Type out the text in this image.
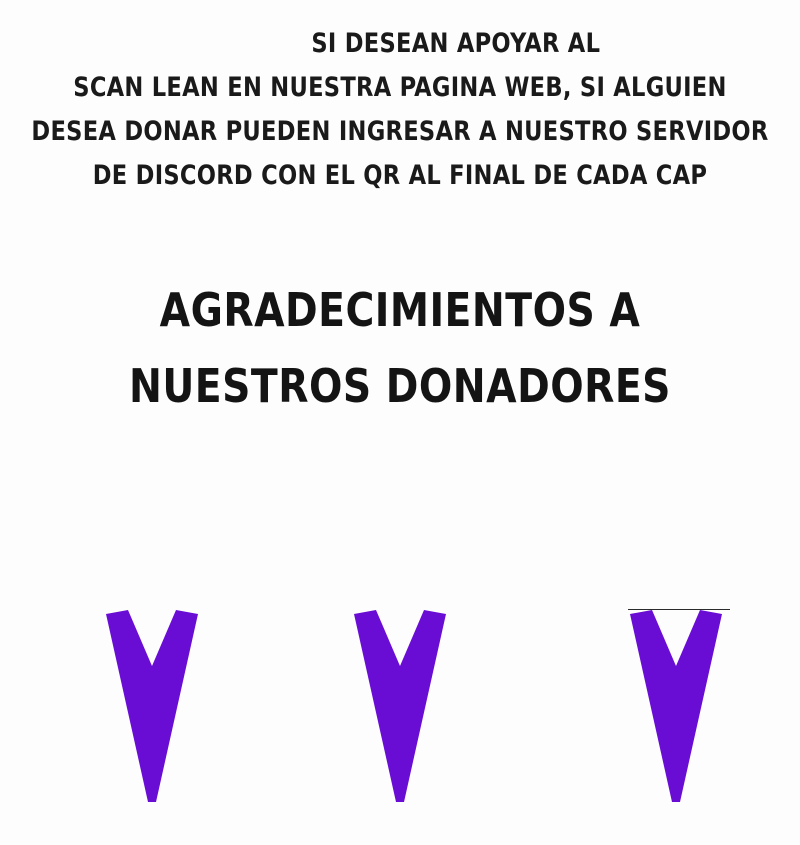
SI DESEAN APOYAR AL
SCAN LEAN EN NUESTRA PAGINA WEB, SI ALGUIEN
DESEA DONAR PUEDEN INGRESAR A NUESTRO SERVIDOR
DE DISCORD CON EL QR AL FINAL DE CADA CAP
AGRADECIMIENTOS A
NUESTROS DONADORES
